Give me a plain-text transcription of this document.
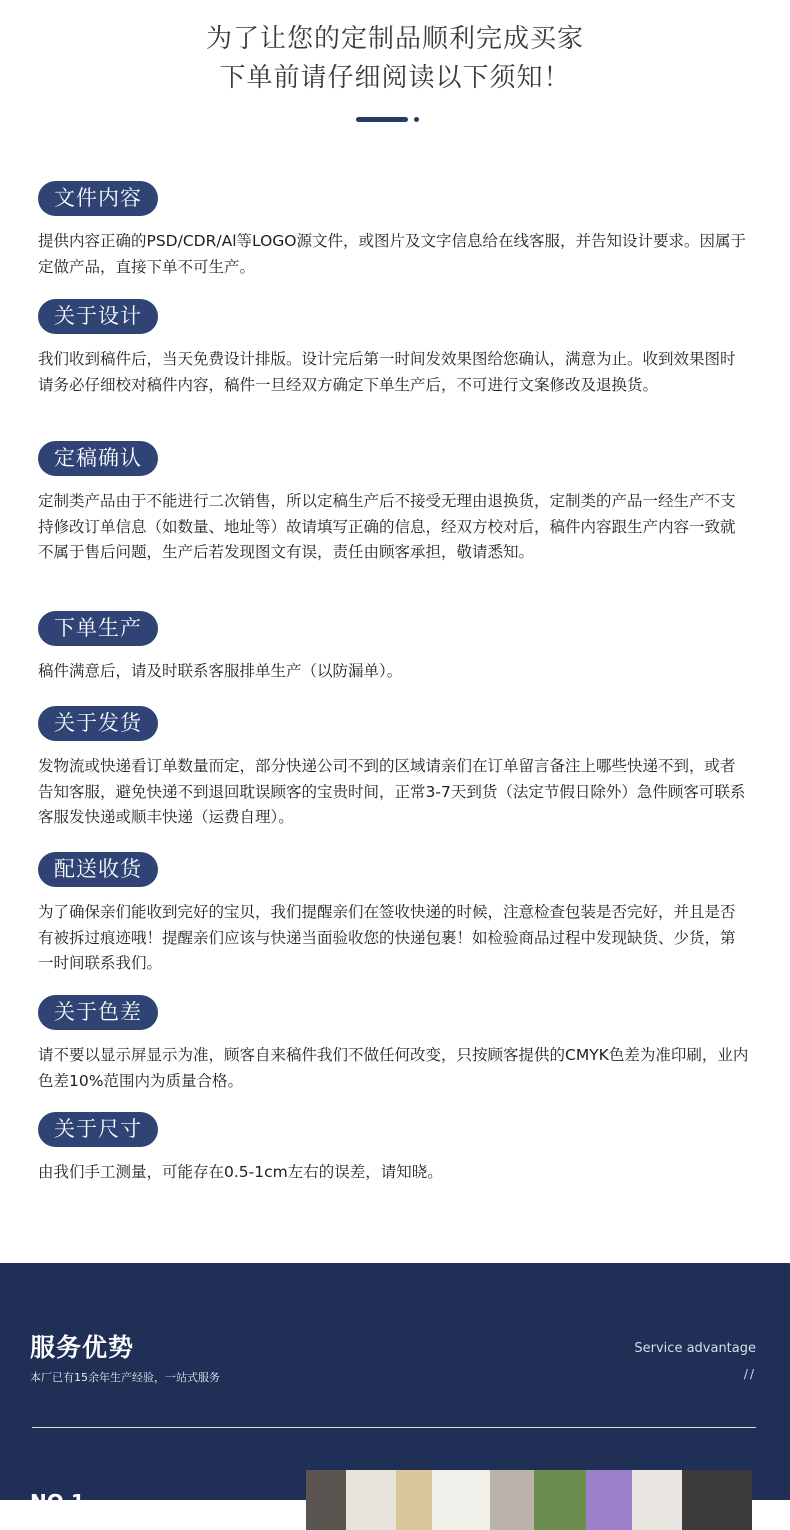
为了让您的定制品顺利完成买家
下单前请仔细阅读以下须知！
文件内容
提供内容正确的PSD/CDR/Al等LOGO源文件，或图片及文字信息给在线客服，并告知设计要求。因属于定做产品，直接下单不可生产。
关于设计
我们收到稿件后，当天免费设计排版。设计完后第一时间发效果图给您确认，满意为止。收到效果图时请务必仔细校对稿件内容，稿件一旦经双方确定下单生产后，不可进行文案修改及退换货。
定稿确认
定制类产品由于不能进行二次销售，所以定稿生产后不接受无理由退换货，定制类的产品一经生产不支持修改订单信息（如数量、地址等）故请填写正确的信息，经双方校对后，稿件内容跟生产内容一致就不属于售后问题，生产后若发现图文有误，责任由顾客承担，敬请悉知。
下单生产
稿件满意后，请及时联系客服排单生产（以防漏单）。
关于发货
发物流或快递看订单数量而定，部分快递公司不到的区域请亲们在订单留言备注上哪些快递不到，或者告知客服，避免快递不到退回耽误顾客的宝贵时间，正常3-7天到货（法定节假日除外）急件顾客可联系客服发快递或顺丰快递（运费自理）。
配送收货
为了确保亲们能收到完好的宝贝，我们提醒亲们在签收快递的时候，注意检查包装是否完好，并且是否有被拆过痕迹哦！提醒亲们应该与快递当面验收您的快递包裹！如检验商品过程中发现缺货、少货，第一时间联系我们。
关于色差
请不要以显示屏显示为准，顾客自来稿件我们不做任何改变，只按顾客提供的CMYK色差为准印刷，业内色差10%范围内为质量合格。
关于尺寸
由我们手工测量，可能存在0.5-1cm左右的误差，请知晓。
服务优势
本厂已有15余年生产经验，一站式服务
Service advantage
//
NO.1
